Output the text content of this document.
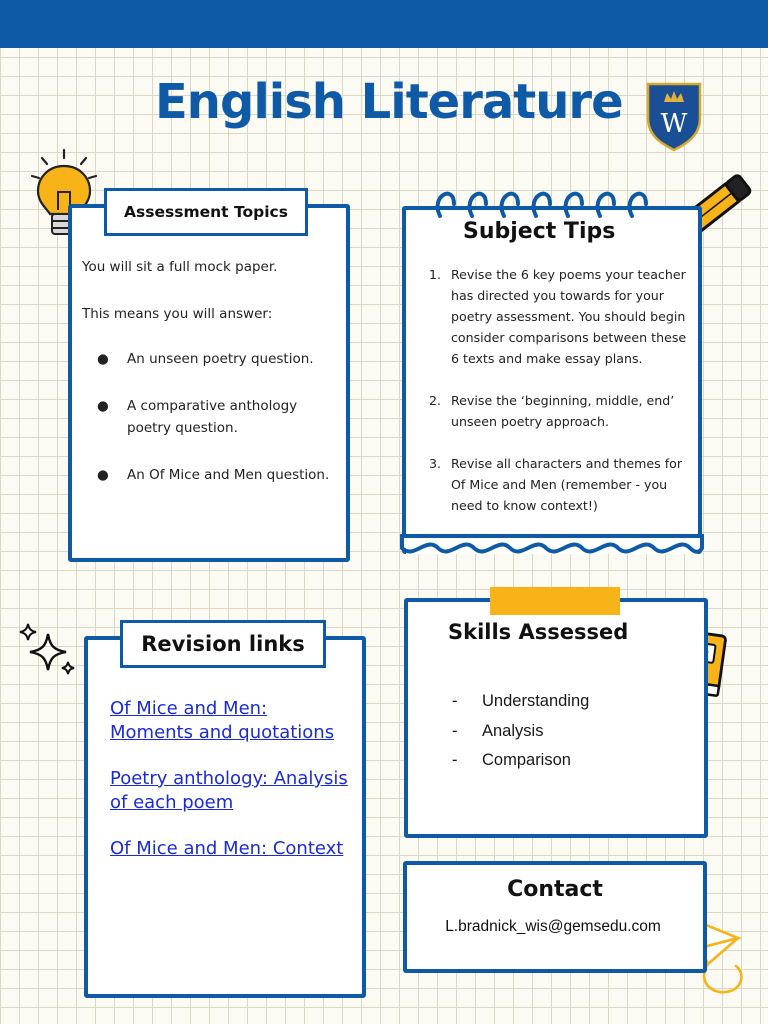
English Literature W
Assessment Topics
You will sit a full mock paper.
This means you will answer:
● An unseen poetry question.
● A comparative anthology poetry question.
● An Of Mice and Men question.
Subject Tips
1. Revise the 6 key poems your teacher has directed you towards for your poetry assessment. You should begin consider comparisons between these 6 texts and make essay plans.
2. Revise the ‘beginning, middle, end’ unseen poetry approach.
3. Revise all characters and themes for Of Mice and Men (remember - you need to know context!)
Revision links
Of Mice and Men: Moments and quotations
Poetry anthology: Analysis of each poem
Of Mice and Men: Context
Skills Assessed
- Understanding
- Analysis
- Comparison
Contact
L.bradnick_wis@gemsedu.com
